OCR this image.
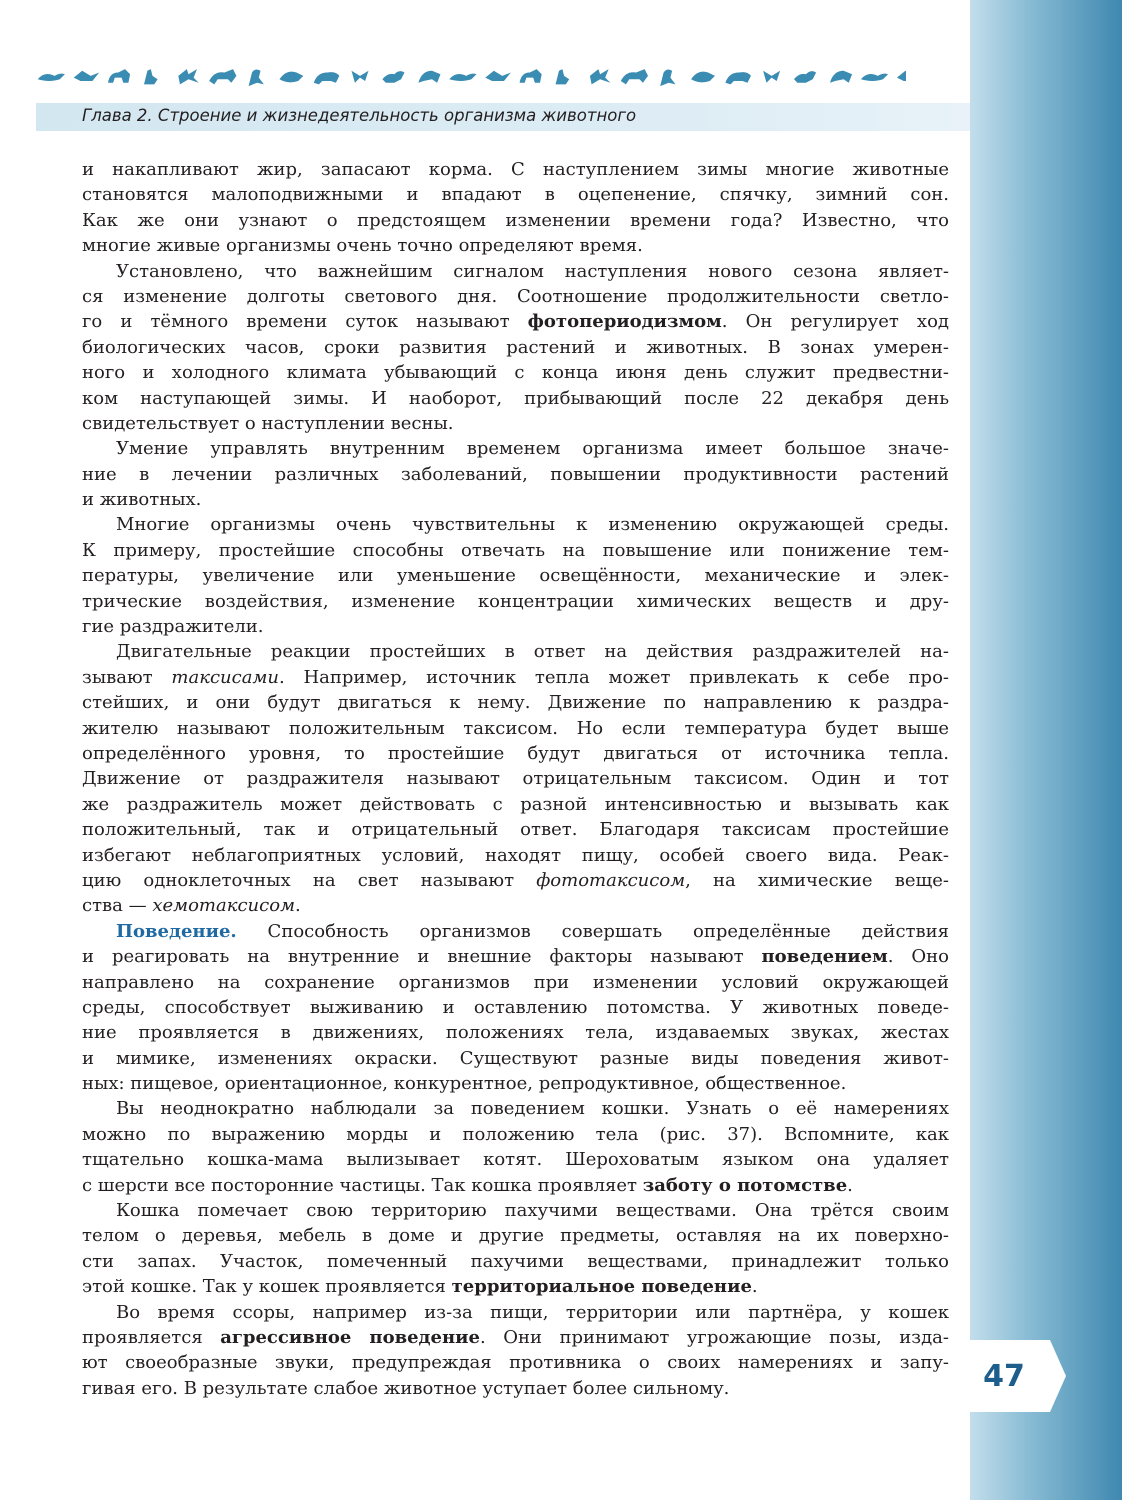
Глава 2. Строение и жизнедеятельность организма животного
и накапливают жир, запасают корма. С наступлением зимы многие животные
становятся малоподвижными и впадают в оцепенение, спячку, зимний сон.
Как же они узнают о предстоящем изменении времени года? Известно, что
многие живые организмы очень точно определяют время.
Установлено, что важнейшим сигналом наступления нового сезона являет-
ся изменение долготы светового дня. Соотношение продолжительности светло-
го и тёмного времени суток называют фотопериодизмом. Он регулирует ход
биологических часов, сроки развития растений и животных. В зонах умерен-
ного и холодного климата убывающий с конца июня день служит предвестни-
ком наступающей зимы. И наоборот, прибывающий после 22 декабря день
свидетельствует о наступлении весны.
Умение управлять внутренним временем организма имеет большое значе-
ние в лечении различных заболеваний, повышении продуктивности растений
и животных.
Многие организмы очень чувствительны к изменению окружающей среды.
К примеру, простейшие способны отвечать на повышение или понижение тем-
пературы, увеличение или уменьшение освещённости, механические и элек-
трические воздействия, изменение концентрации химических веществ и дру-
гие раздражители.
Двигательные реакции простейших в ответ на действия раздражителей на-
зывают таксисами. Например, источник тепла может привлекать к себе про-
стейших, и они будут двигаться к нему. Движение по направлению к раздра-
жителю называют положительным таксисом. Но если температура будет выше
определённого уровня, то простейшие будут двигаться от источника тепла.
Движение от раздражителя называют отрицательным таксисом. Один и тот
же раздражитель может действовать с разной интенсивностью и вызывать как
положительный, так и отрицательный ответ. Благодаря таксисам простейшие
избегают неблагоприятных условий, находят пищу, особей своего вида. Реак-
цию одноклеточных на свет называют фототаксисом, на химические веще-
ства — хемотаксисом.
Поведение. Способность организмов совершать определённые действия
и реагировать на внутренние и внешние факторы называют поведением. Оно
направлено на сохранение организмов при изменении условий окружающей
среды, способствует выживанию и оставлению потомства. У животных поведе-
ние проявляется в движениях, положениях тела, издаваемых звуках, жестах
и мимике, изменениях окраски. Существуют разные виды поведения живот-
ных: пищевое, ориентационное, конкурентное, репродуктивное, общественное.
Вы неоднократно наблюдали за поведением кошки. Узнать о её намерениях
можно по выражению морды и положению тела (рис. 37). Вспомните, как
тщательно кошка-мама вылизывает котят. Шероховатым языком она удаляет
с шерсти все посторонние частицы. Так кошка проявляет заботу о потомстве.
Кошка помечает свою территорию пахучими веществами. Она трётся своим
телом о деревья, мебель в доме и другие предметы, оставляя на их поверхно-
сти запах. Участок, помеченный пахучими веществами, принадлежит только
этой кошке. Так у кошек проявляется территориальное поведение.
Во время ссоры, например из-за пищи, территории или партнёра, у кошек
проявляется агрессивное поведение. Они принимают угрожающие позы, изда-
ют своеобразные звуки, предупреждая противника о своих намерениях и запу-
гивая его. В результате слабое животное уступает более сильному.	47
